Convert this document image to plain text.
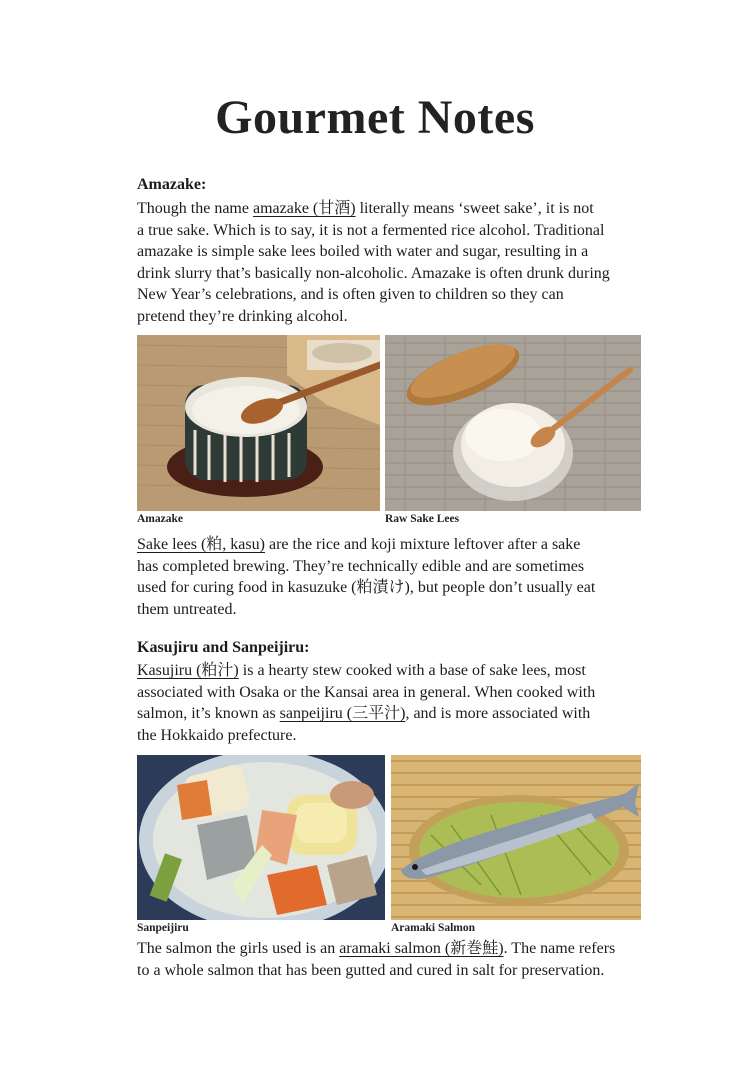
Gourmet Notes
Amazake:
Though the name amazake (甘酒) literally means ‘sweet sake’, it is not
a true sake. Which is to say, it is not a fermented rice alcohol. Traditional
amazake is simple sake lees boiled with water and sugar, resulting in a
drink slurry that’s basically non-alcoholic. Amazake is often drunk during
New Year’s celebrations, and is often given to children so they can
pretend they’re drinking alcohol.
Amazake	Raw Sake Lees
Sake lees (粕, kasu) are the rice and koji mixture leftover after a sake
has completed brewing. They’re technically edible and are sometimes
used for curing food in kasuzuke (粕漬け), but people don’t usually eat
them untreated.
Kasujiru and Sanpeijiru:
Kasujiru (粕汁) is a hearty stew cooked with a base of sake lees, most
associated with Osaka or the Kansai area in general. When cooked with
salmon, it’s known as sanpeijiru (三平汁), and is more associated with
the Hokkaido prefecture.
Sanpeijiru	Aramaki Salmon
The salmon the girls used is an aramaki salmon (新巻鮭). The name refers
to a whole salmon that has been gutted and cured in salt for preservation.
